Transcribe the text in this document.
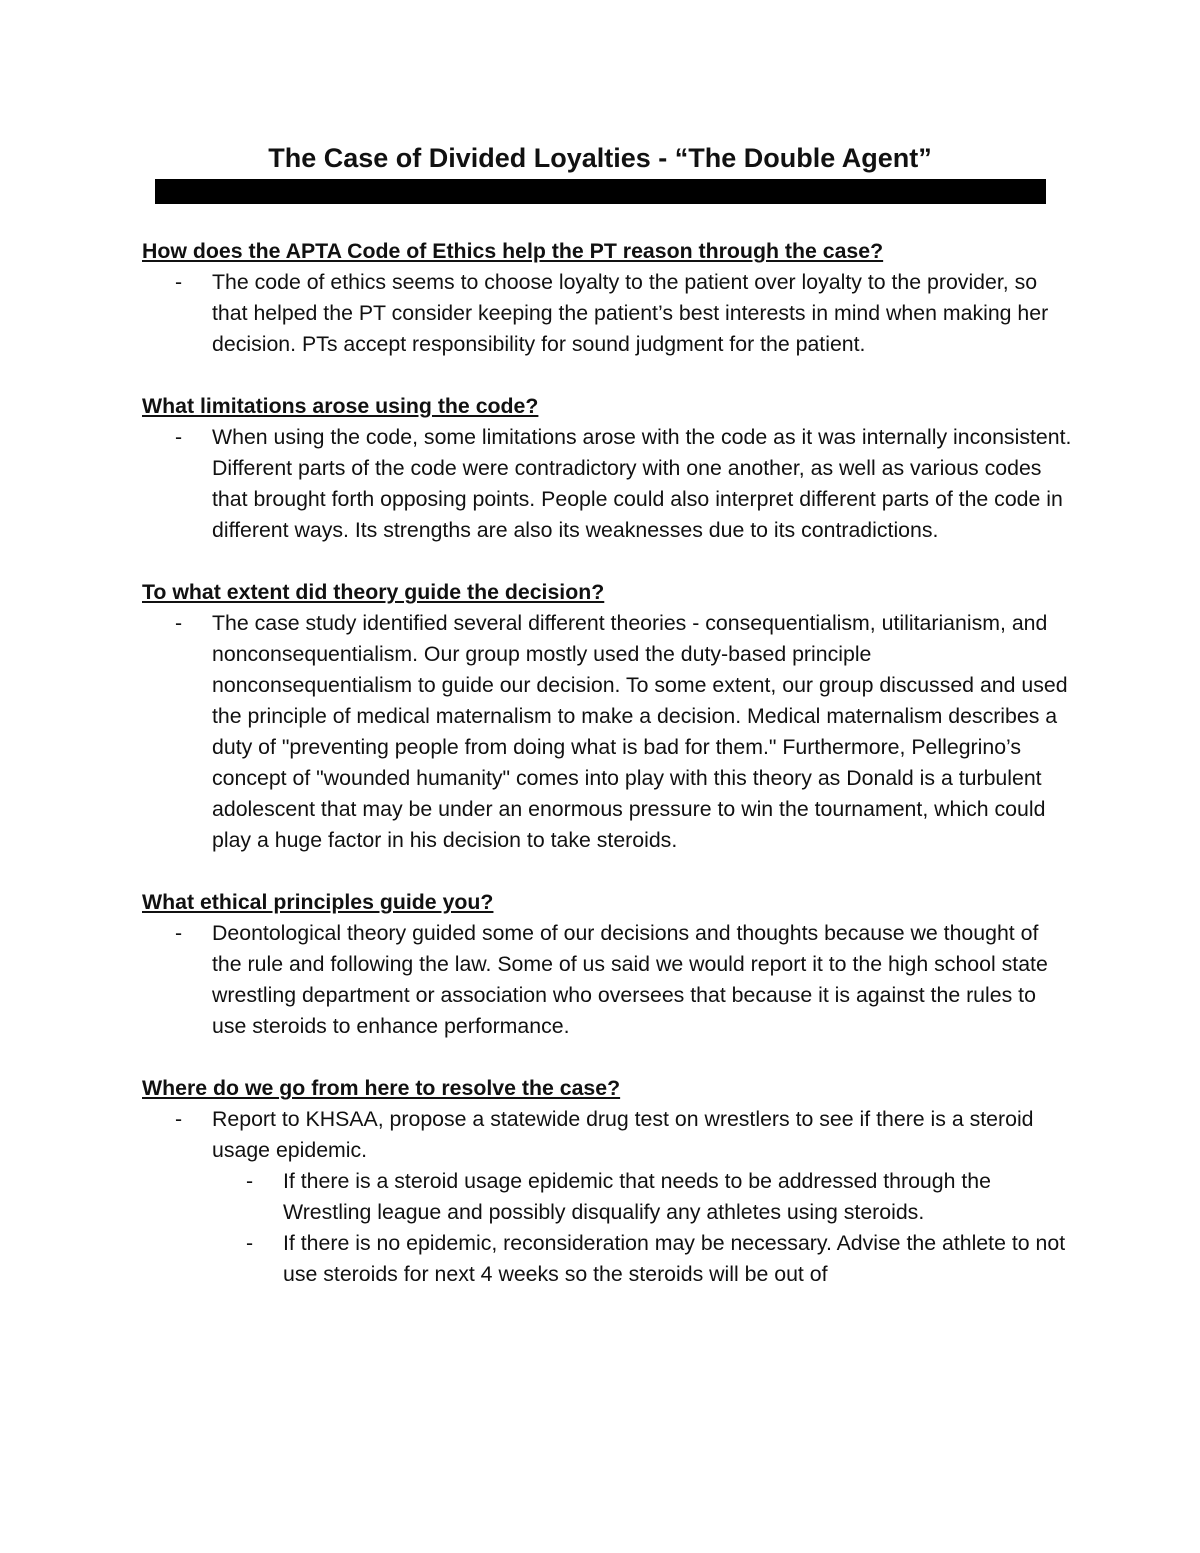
The Case of Divided Loyalties - “The Double Agent”

How does the APTA Code of Ethics help the PT reason through the case?

- The code of ethics seems to choose loyalty to the patient over loyalty to the provider, so that helped the PT consider keeping the patient’s best interests in mind when making her decision. PTs accept responsibility for sound judgment for the patient.

What limitations arose using the code?

- When using the code, some limitations arose with the code as it was internally inconsistent. Different parts of the code were contradictory with one another, as well as various codes that brought forth opposing points. People could also interpret different parts of the code in different ways. Its strengths are also its weaknesses due to its contradictions.

To what extent did theory guide the decision?

- The case study identified several different theories - consequentialism, utilitarianism, and nonconsequentialism. Our group mostly used the duty-based principle nonconsequentialism to guide our decision. To some extent, our group discussed and used the principle of medical maternalism to make a decision. Medical maternalism describes a duty of "preventing people from doing what is bad for them." Furthermore, Pellegrino’s concept of "wounded humanity" comes into play with this theory as Donald is a turbulent adolescent that may be under an enormous pressure to win the tournament, which could play a huge factor in his decision to take steroids.

What ethical principles guide you?

- Deontological theory guided some of our decisions and thoughts because we thought of the rule and following the law. Some of us said we would report it to the high school state wrestling department or association who oversees that because it is against the rules to use steroids to enhance performance.

Where do we go from here to resolve the case?

- Report to KHSAA, propose a statewide drug test on wrestlers to see if there is a steroid usage epidemic.

- If there is a steroid usage epidemic that needs to be addressed through the Wrestling league and possibly disqualify any athletes using steroids.

- If there is no epidemic, reconsideration may be necessary. Advise the athlete to not use steroids for next 4 weeks so the steroids will be out of
